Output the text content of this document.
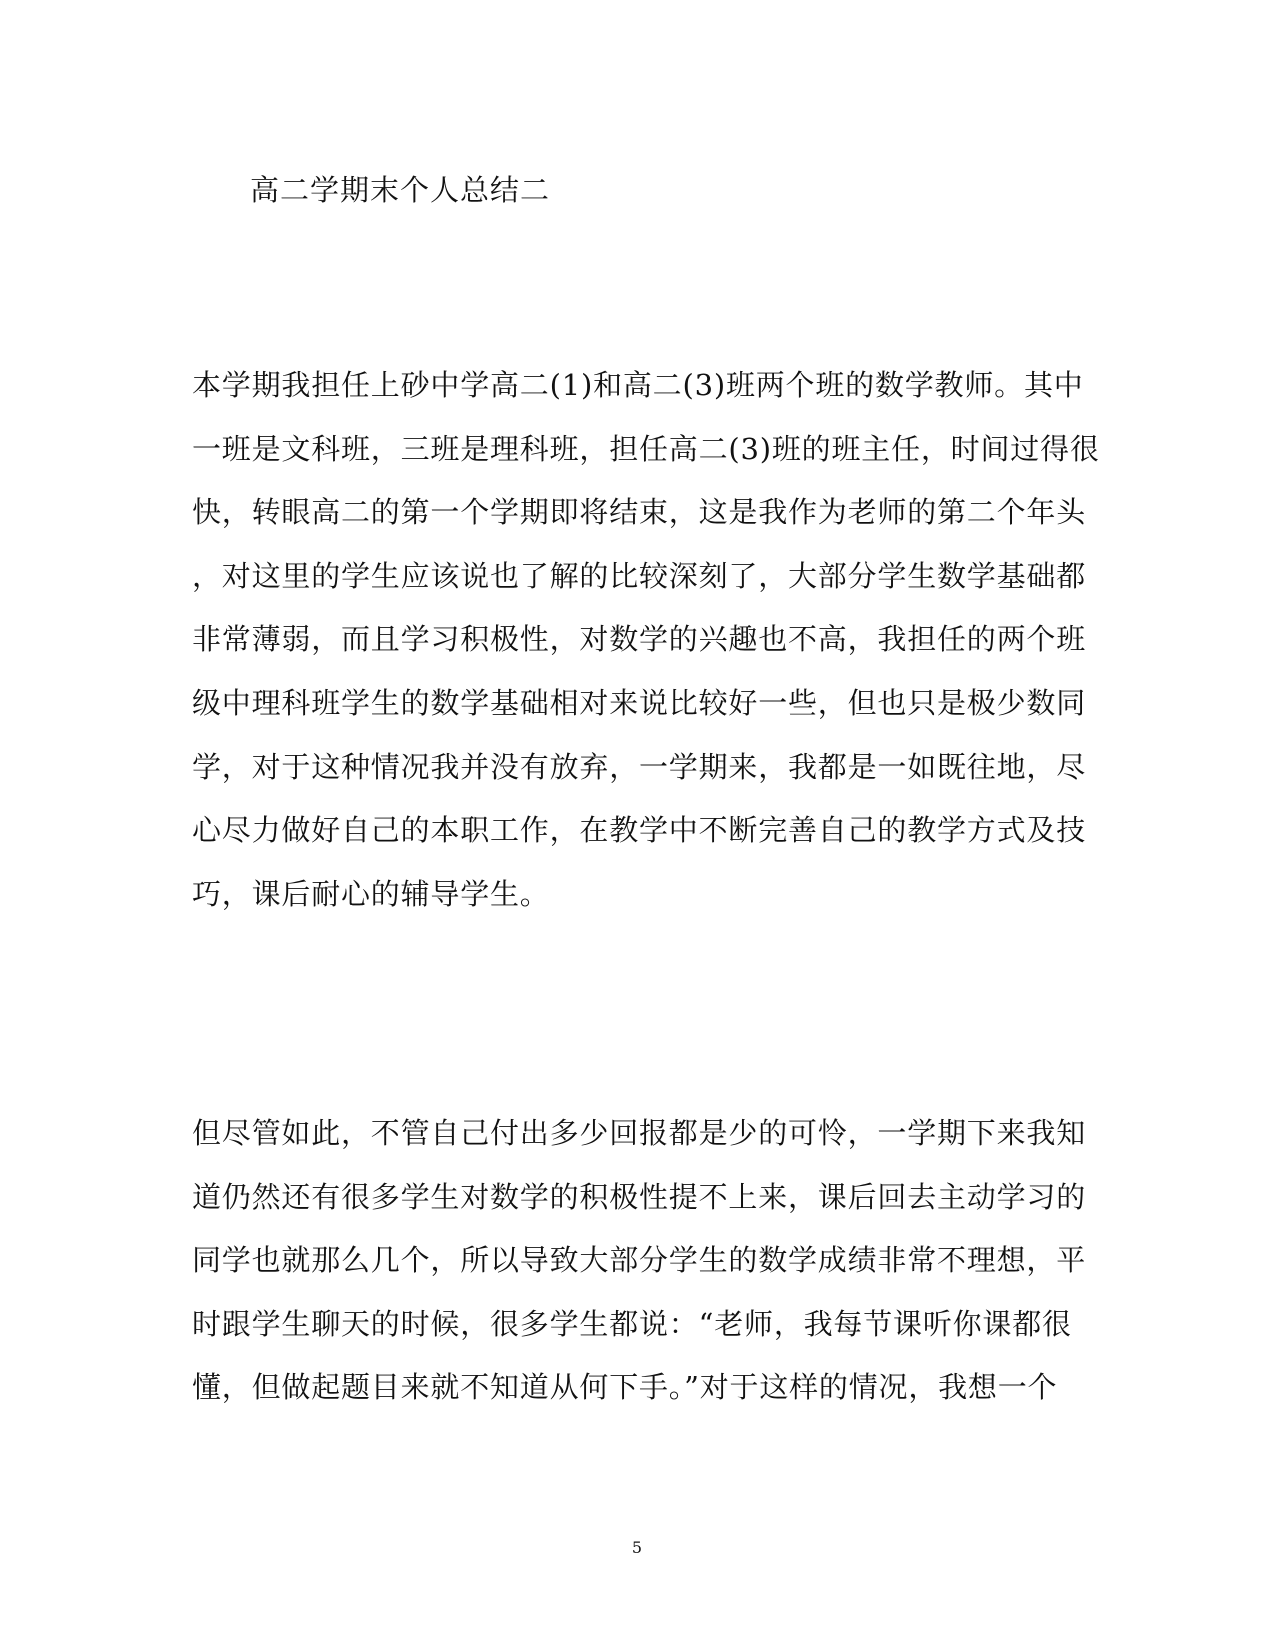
高二学期末个人总结二
本学期我担任上砂中学高二(1)和高二(3)班两个班的数学教师。其中
一班是文科班，三班是理科班，担任高二(3)班的班主任，时间过得很
快，转眼高二的第一个学期即将结束，这是我作为老师的第二个年头
，对这里的学生应该说也了解的比较深刻了，大部分学生数学基础都
非常薄弱，而且学习积极性，对数学的兴趣也不高，我担任的两个班
级中理科班学生的数学基础相对来说比较好一些，但也只是极少数同
学，对于这种情况我并没有放弃，一学期来，我都是一如既往地，尽
心尽力做好自己的本职工作，在教学中不断完善自己的教学方式及技
巧，课后耐心的辅导学生。
但尽管如此，不管自己付出多少回报都是少的可怜，一学期下来我知
道仍然还有很多学生对数学的积极性提不上来，课后回去主动学习的
同学也就那么几个，所以导致大部分学生的数学成绩非常不理想，平
时跟学生聊天的时候，很多学生都说：“老师，我每节课听你课都很
懂，但做起题目来就不知道从何下手。”对于这样的情况，我想一个
5
